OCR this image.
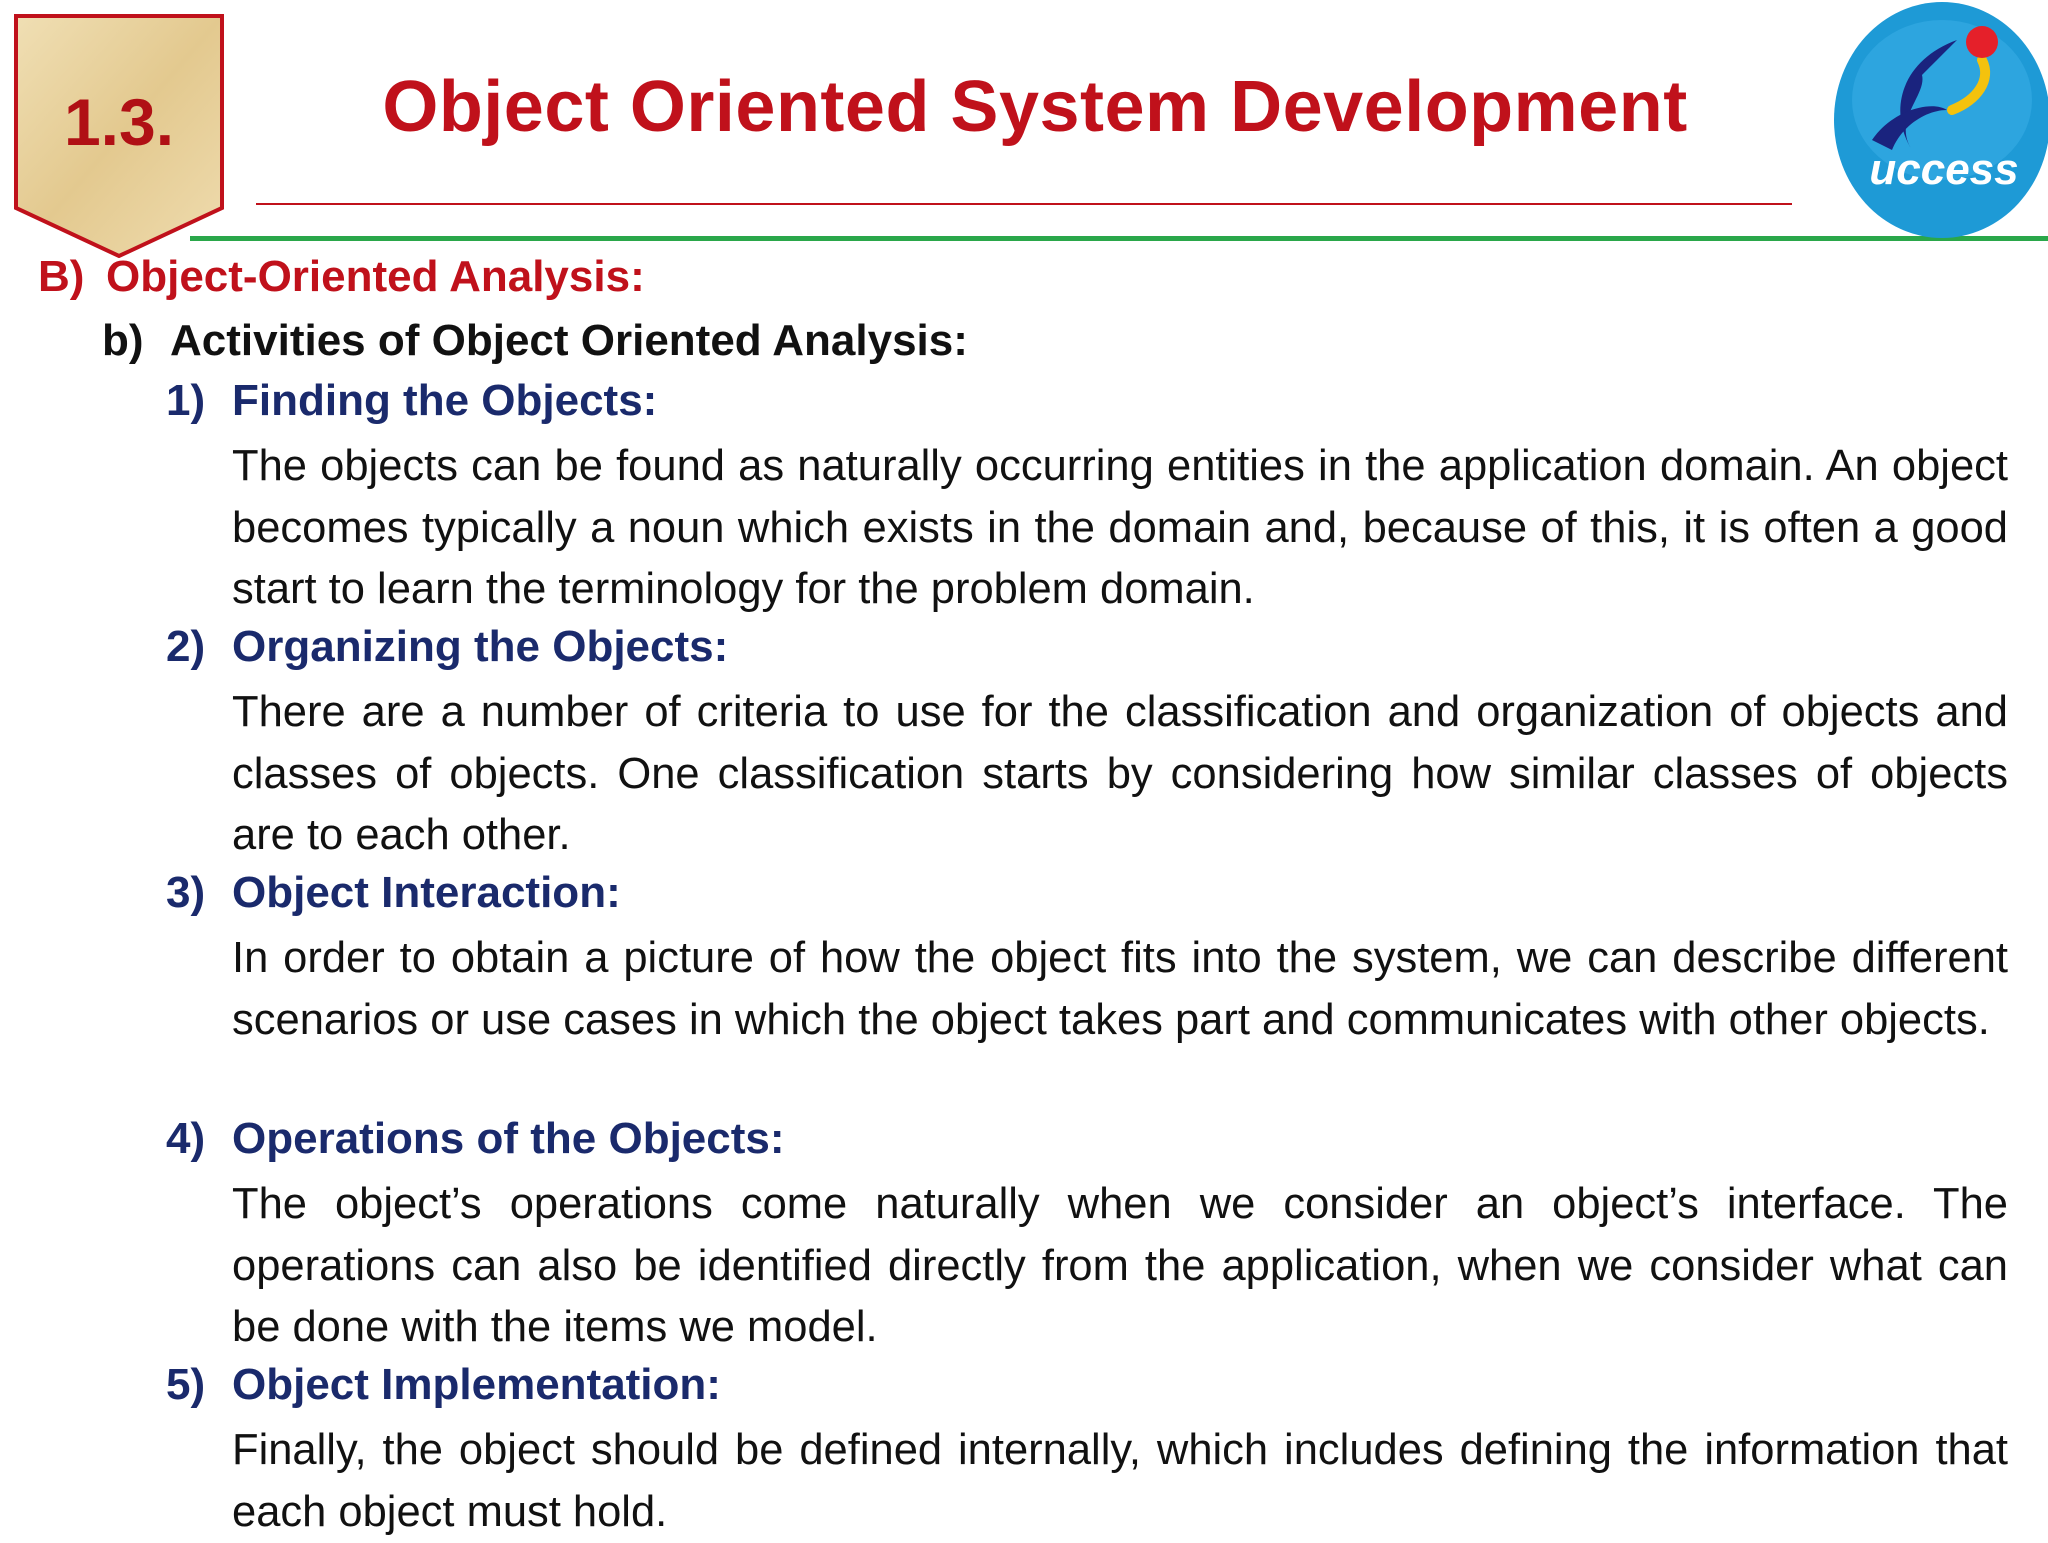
1.3.	Object Oriented System Development
uccess
B) Object-Oriented Analysis:
b) Activities of Object Oriented Analysis:
1) Finding the Objects:
The objects can be found as naturally occurring entities in the application domain. An object becomes typically a noun which exists in the domain and, because of this, it is often a good start to learn the terminology for the problem domain.
2) Organizing the Objects:
There are a number of criteria to use for the classification and organization of objects and classes of objects. One classification starts by considering how similar classes of objects are to each other.
3) Object Interaction:
In order to obtain a picture of how the object fits into the system, we can describe different scenarios or use cases in which the object takes part and communicates with other objects.
4) Operations of the Objects:
The object’s operations come naturally when we consider an object’s interface. The operations can also be identified directly from the application, when we consider what can be done with the items we model.
5) Object Implementation:
Finally, the object should be defined internally, which includes defining the information that each object must hold.
